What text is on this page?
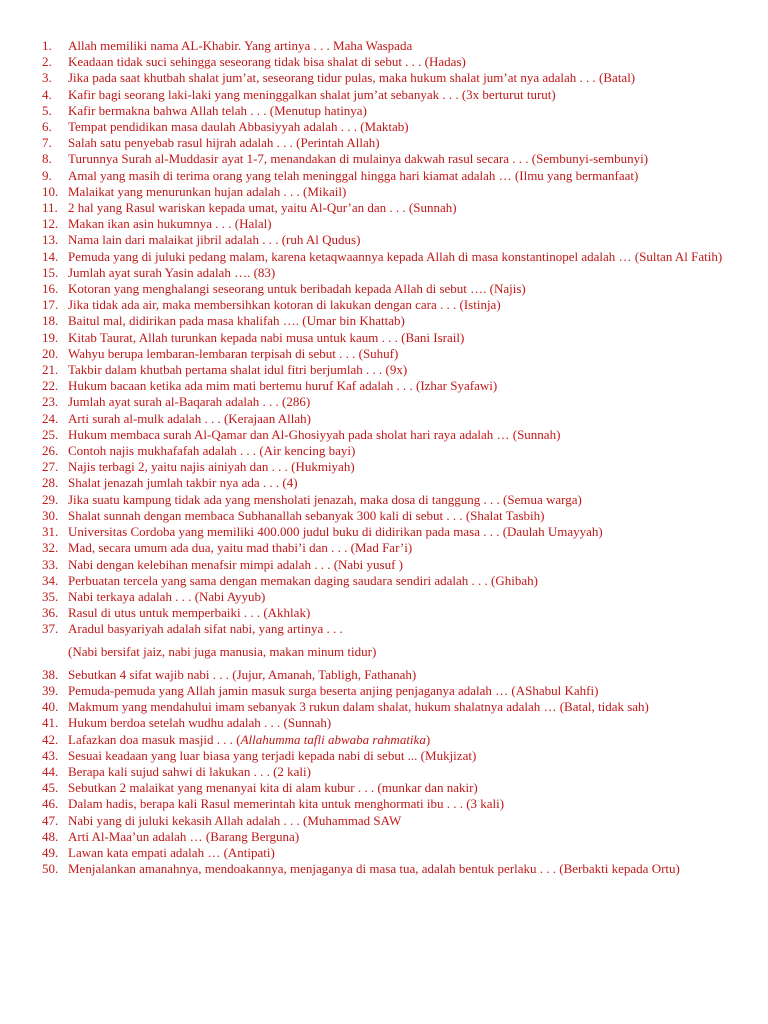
1.	Allah memiliki nama AL-Khabir. Yang artinya . . . Maha Waspada
2.	Keadaan tidak suci sehingga seseorang tidak bisa shalat di sebut . . . (Hadas)
3.	Jika pada saat khutbah shalat jum’at, seseorang tidur pulas, maka hukum shalat jum’at nya adalah . . . (Batal)
4.	Kafir bagi seorang laki-laki yang meninggalkan shalat jum’at sebanyak . . . (3x berturut turut)
5.	Kafir bermakna bahwa Allah telah . . . (Menutup hatinya)
6.	Tempat pendidikan masa daulah Abbasiyyah adalah . . . (Maktab)
7.	Salah satu penyebab rasul hijrah adalah . . . (Perintah Allah)
8.	Turunnya Surah al-Muddasir ayat 1-7, menandakan di mulainya dakwah rasul secara . . . (Sembunyi-sembunyi)
9.	Amal yang masih di terima orang yang telah meninggal hingga hari kiamat adalah … (Ilmu yang bermanfaat)
10. Malaikat yang menurunkan hujan adalah . . . (Mikail)
11. 2 hal yang Rasul wariskan kepada umat, yaitu Al-Qur’an dan . . . (Sunnah)
12. Makan ikan asin hukumnya . . . (Halal)
13. Nama lain dari malaikat jibril adalah . . . (ruh Al Qudus)
14. Pemuda yang di juluki pedang malam, karena ketaqwaannya kepada Allah di masa konstantinopel adalah … (Sultan Al Fatih)
15. Jumlah ayat surah Yasin adalah …. (83)
16. Kotoran yang menghalangi seseorang untuk beribadah kepada Allah di sebut …. (Najis)
17. Jika tidak ada air, maka membersihkan kotoran di lakukan dengan cara . . . (Istinja)
18. Baitul mal, didirikan pada masa khalifah …. (Umar bin Khattab)
19. Kitab Taurat, Allah turunkan kepada nabi musa untuk kaum . . . (Bani Israil)
20. Wahyu berupa lembaran-lembaran terpisah di sebut . . . (Suhuf)
21. Takbir dalam khutbah pertama shalat idul fitri berjumlah . . . (9x)
22. Hukum bacaan ketika ada mim mati bertemu huruf Kaf adalah . . . (Izhar Syafawi)
23. Jumlah ayat surah al-Baqarah adalah . . . (286)
24. Arti surah al-mulk adalah . . . (Kerajaan Allah)
25. Hukum membaca surah Al-Qamar dan Al-Ghosiyyah pada sholat hari raya adalah … (Sunnah)
26. Contoh najis mukhafafah adalah . . . (Air kencing bayi)
27. Najis terbagi 2, yaitu najis ainiyah dan . . . (Hukmiyah)
28. Shalat jenazah jumlah takbir nya ada . . . (4)
29. Jika suatu kampung tidak ada yang mensholati jenazah, maka dosa di tanggung . . . (Semua warga)
30. Shalat sunnah dengan membaca Subhanallah sebanyak 300 kali di sebut . . . (Shalat Tasbih)
31. Universitas Cordoba yang memiliki 400.000 judul buku di didirikan pada masa . . . (Daulah Umayyah)
32. Mad, secara umum ada dua, yaitu mad thabi’i dan . . . (Mad Far’i)
33. Nabi dengan kelebihan menafsir mimpi adalah . . . (Nabi yusuf )
34. Perbuatan tercela yang sama dengan memakan daging saudara sendiri adalah . . . (Ghibah)
35. Nabi terkaya adalah . . . (Nabi Ayyub)
36. Rasul di utus untuk memperbaiki . . . (Akhlak)
37. Aradul basyariyah adalah sifat nabi, yang artinya . . .
(Nabi bersifat jaiz, nabi juga manusia, makan minum tidur)
38. Sebutkan 4 sifat wajib nabi . . . (Jujur, Amanah, Tabligh, Fathanah)
39. Pemuda-pemuda yang Allah jamin masuk surga beserta anjing penjaganya adalah … (AShabul Kahfi)
40. Makmum yang mendahului imam sebanyak 3 rukun dalam shalat, hukum shalatnya adalah … (Batal, tidak sah)
41. Hukum berdoa setelah wudhu adalah . . . (Sunnah)
42. Lafazkan doa masuk masjid . . . (Allahumma tafli abwaba rahmatika)
43. Sesuai keadaan yang luar biasa yang terjadi kepada nabi di sebut ... (Mukjizat)
44. Berapa kali sujud sahwi di lakukan . . . (2 kali)
45. Sebutkan 2 malaikat yang menanyai kita di alam kubur . . . (munkar dan nakir)
46. Dalam hadis, berapa kali Rasul memerintah kita untuk menghormati ibu . . . (3 kali)
47. Nabi yang di juluki kekasih Allah adalah . . . (Muhammad SAW
48. Arti Al-Maa’un adalah … (Barang Berguna)
49. Lawan kata empati adalah … (Antipati)
50. Menjalankan amanahnya, mendoakannya, menjaganya di masa tua, adalah bentuk perlaku . . . (Berbakti kepada Ortu)
